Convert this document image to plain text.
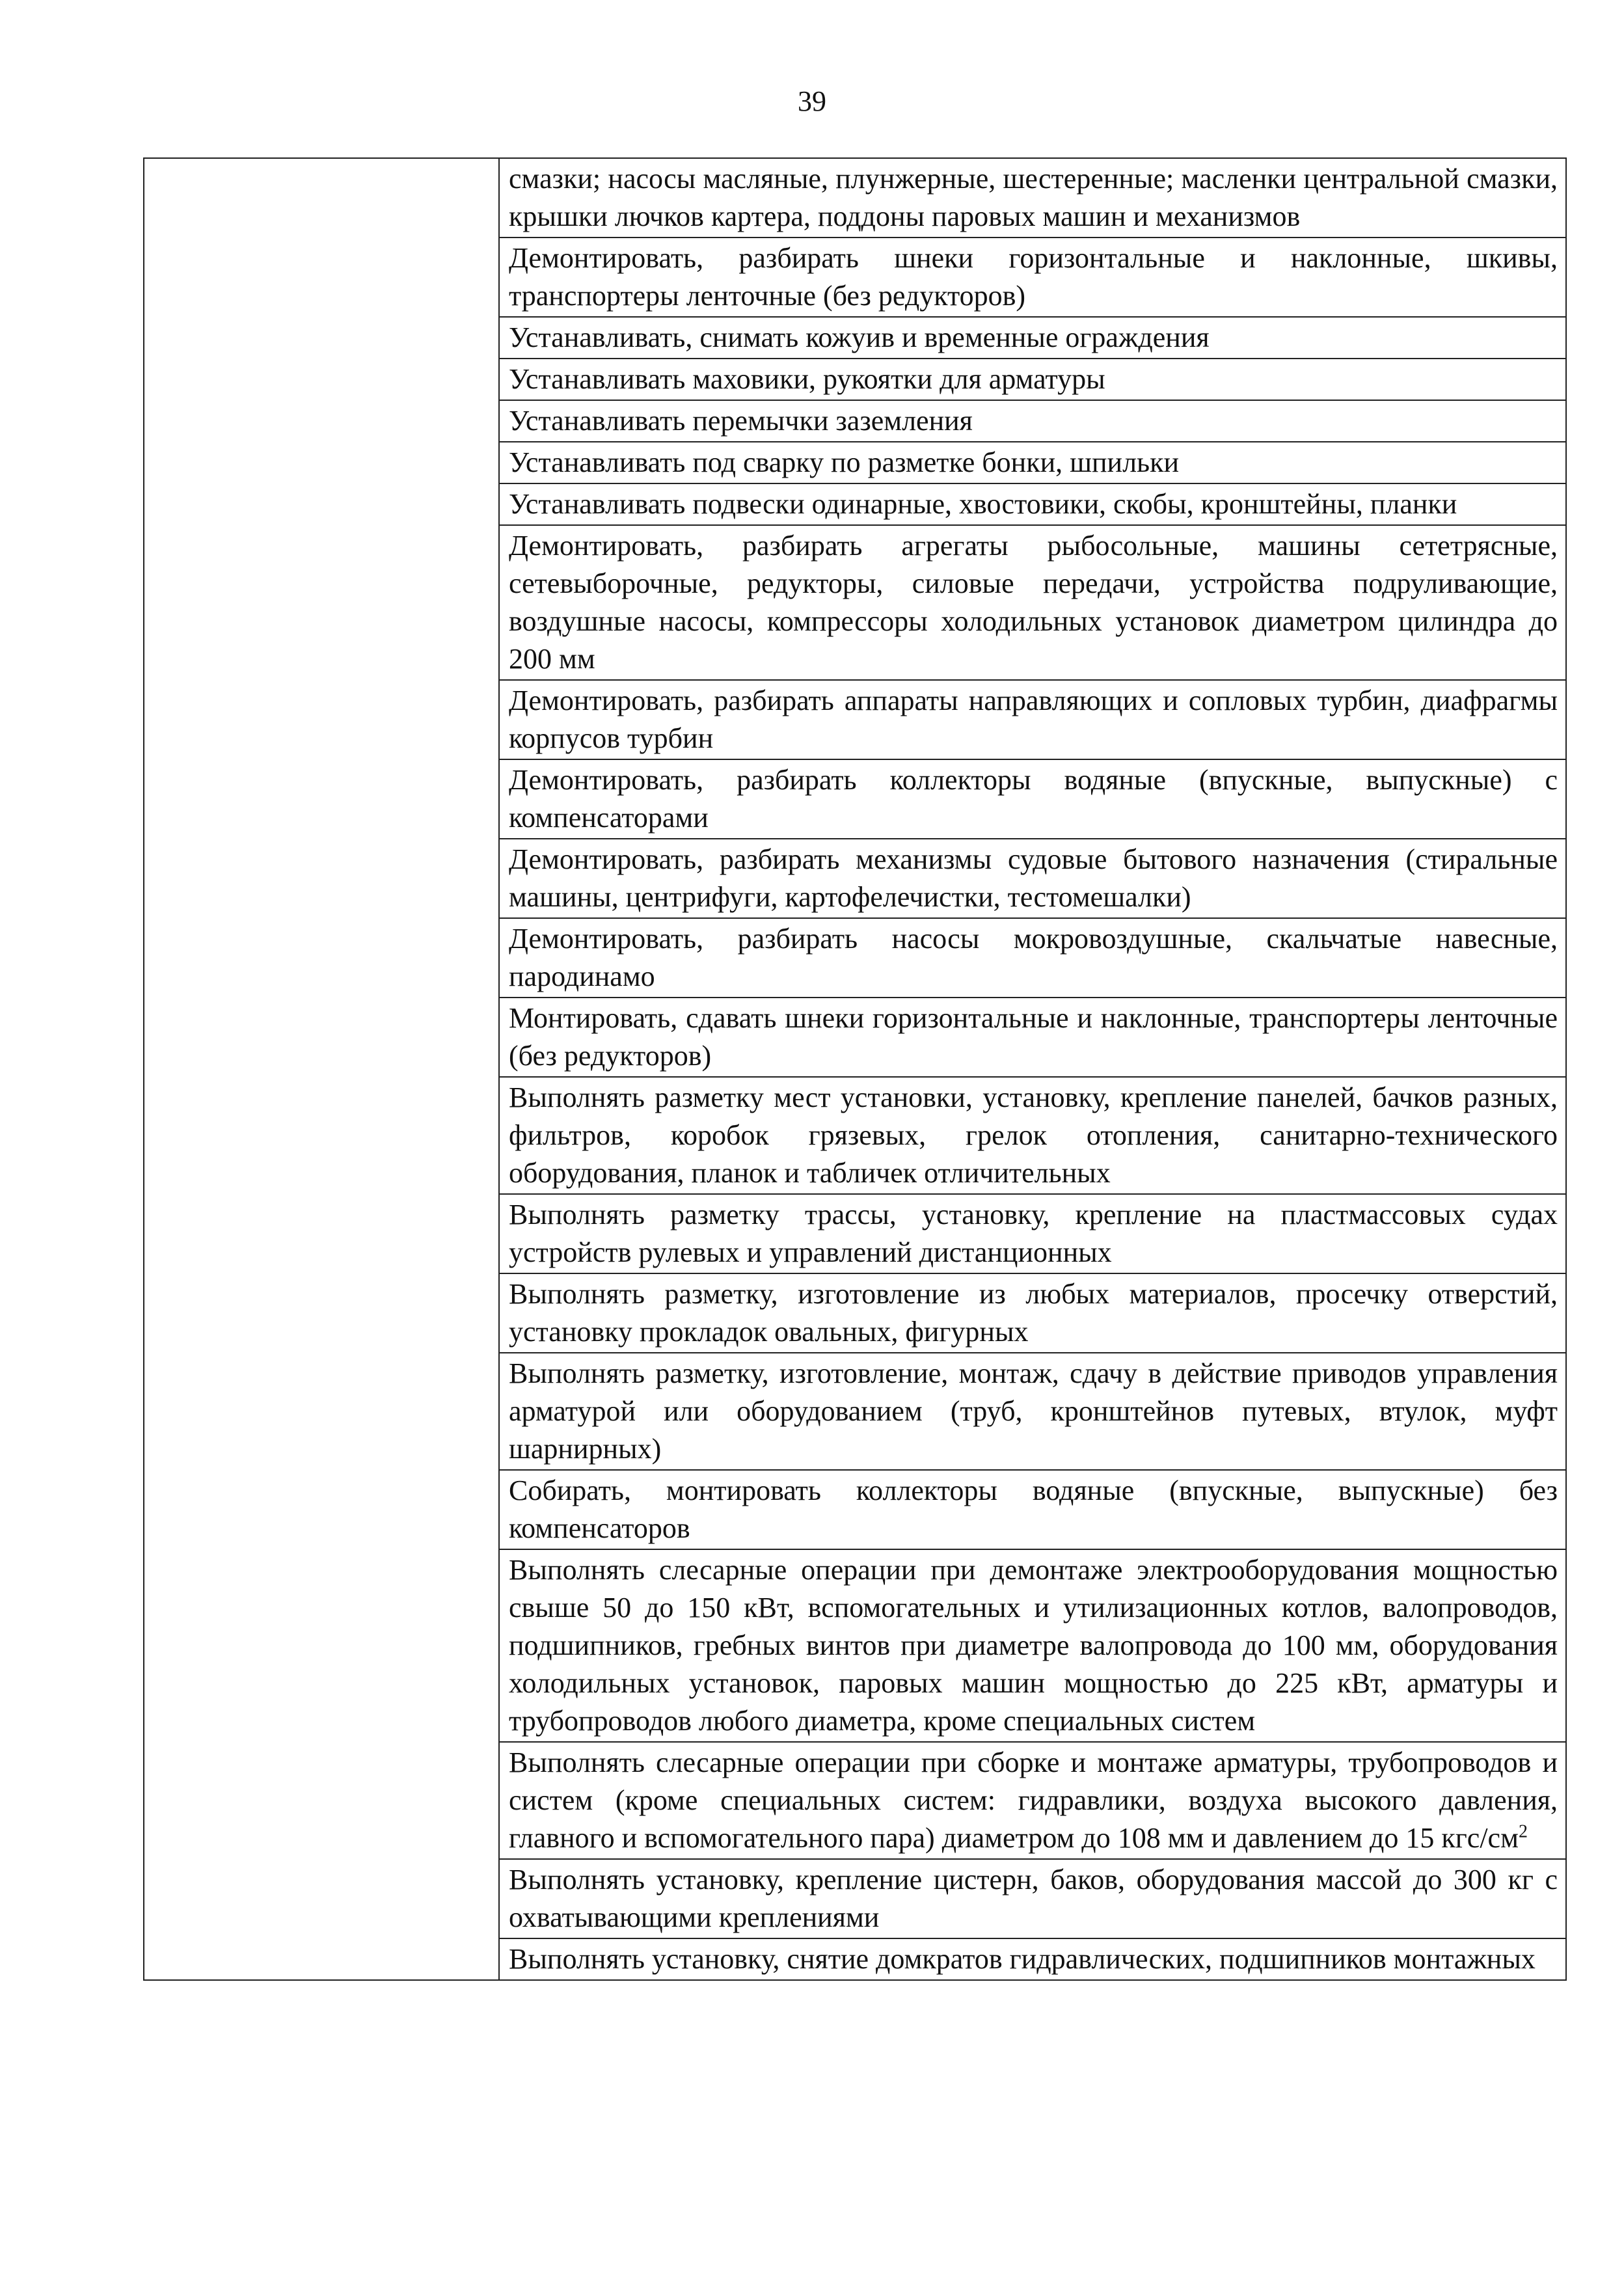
39
	смазки; насосы масляные, плунжерные, шестеренные; масленки центральной смазки, крышки лючков картера, поддоны паровых машин и механизмов
Демонтировать, разбирать шнеки горизонтальные и наклонные, шкивы, транспортеры ленточные (без редукторов)
Устанавливать, снимать кожуив и временные ограждения
Устанавливать маховики, рукоятки для арматуры
Устанавливать перемычки заземления
Устанавливать под сварку по разметке бонки, шпильки
Устанавливать подвески одинарные, хвостовики, скобы, кронштейны, планки
Демонтировать, разбирать агрегаты рыбосольные, машины сететрясные, сетевыборочные, редукторы, силовые передачи, устройства подруливающие, воздушные насосы, компрессоры холодильных установок диаметром цилиндра до 200 мм
Демонтировать, разбирать аппараты направляющих и сопловых турбин, диафрагмы корпусов турбин
Демонтировать, разбирать коллекторы водяные (впускные, выпускные) с компенсаторами
Демонтировать, разбирать механизмы судовые бытового назначения (стиральные машины, центрифуги, картофелечистки, тестомешалки)
Демонтировать, разбирать насосы мокровоздушные, скальчатые навесные, пародинамо
Монтировать, сдавать шнеки горизонтальные и наклонные, транспортеры ленточные (без редукторов)
Выполнять разметку мест установки, установку, крепление панелей, бачков разных, фильтров, коробок грязевых, грелок отопления, санитарно-технического оборудования, планок и табличек отличительных
Выполнять разметку трассы, установку, крепление на пластмассовых судах устройств рулевых и управлений дистанционных
Выполнять разметку, изготовление из любых материалов, просечку отверстий, установку прокладок овальных, фигурных
Выполнять разметку, изготовление, монтаж, сдачу в действие приводов управления арматурой или оборудованием (труб, кронштейнов путевых, втулок, муфт шарнирных)
Собирать, монтировать коллекторы водяные (впускные, выпускные) без компенсаторов
Выполнять слесарные операции при демонтаже электрооборудования мощностью свыше 50 до 150 кВт, вспомогательных и утилизационных котлов, валопроводов, подшипников, гребных винтов при диаметре валопровода до 100 мм, оборудования холодильных установок, паровых машин мощностью до 225 кВт, арматуры и трубопроводов любого диаметра, кроме специальных систем
Выполнять слесарные операции при сборке и монтаже арматуры, трубопроводов и систем (кроме специальных систем: гидравлики, воздуха высокого давления, главного и вспомогательного пара) диаметром до 108 мм и давлением до 15 кгс/$см^2$
Выполнять установку, крепление цистерн, баков, оборудования массой до 300 кг с охватывающими креплениями
Выполнять установку, снятие домкратов гидравлических, подшипников монтажных
